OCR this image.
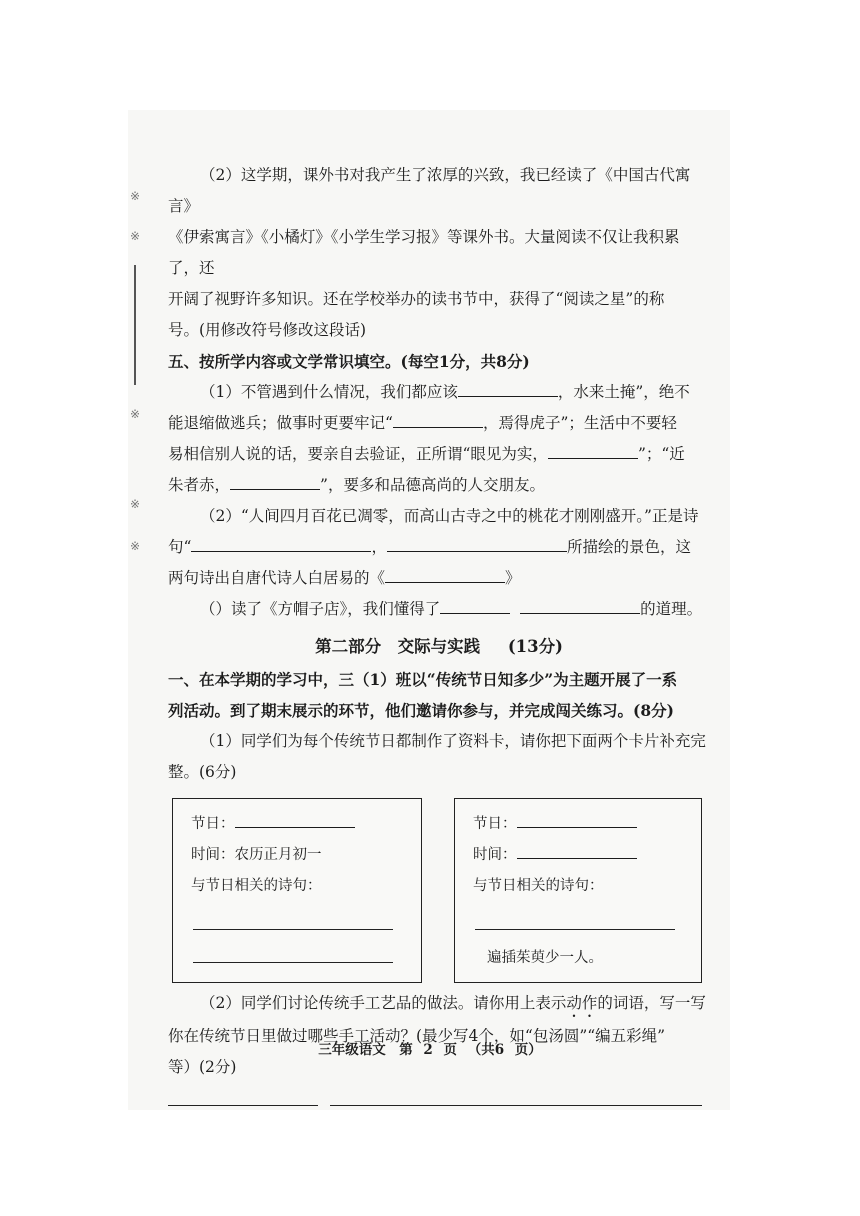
※
※
※
※
※

（2）这学期，课外书对我产生了浓厚的兴致，我已经读了《中国古代寓言》

《伊索寓言》《小橘灯》《小学生学习报》等课外书。大量阅读不仅让我积累了，还

开阔了视野许多知识。还在学校举办的读书节中，获得了“阅读之星”的称

号。(用修改符号修改这段话)

五、按所学内容或文学常识填空。(每空1分，共8分)

（1）不管遇到什么情况，我们都应该	，水来土掩”，绝不

能退缩做逃兵；做事时更要牢记“	，焉得虎子”；生活中不要轻

易相信别人说的话，要亲自去验证，正所谓“眼见为实，	”；“近

朱者赤，	”，要多和品德高尚的人交朋友。

（2）“人间四月百花已凋零，而高山古寺之中的桃花才刚刚盛开。”正是诗

句“	，	所描绘的景色，这

两句诗出自唐代诗人白居易的《	》

（）读了《方帽子店》，我们懂得了	的道理。

第二部分　交际与实践 (13分)

一、在本学期的学习中，三（1）班以“传统节日知多少”为主题开展了一系

列活动。到了期末展示的环节，他们邀请你参与，并完成闯关练习。(8分)

（1）同学们为每个传统节日都制作了资料卡，请你把下面两个卡片补充完

整。(6分)

节日：
时间：农历正月初一
与节日相关的诗句：
节日：
时间：
与节日相关的诗句：
遍插茱萸少一人。

（2）同学们讨论传统手工艺品的做法。请你用上表示动作的词语，写一写

你在传统节日里做过哪些手工活动？(最少写4个，如“包汤圆”“编五彩绳”

等）(2分)

三年级语文　第 2 页 （共6 页）
